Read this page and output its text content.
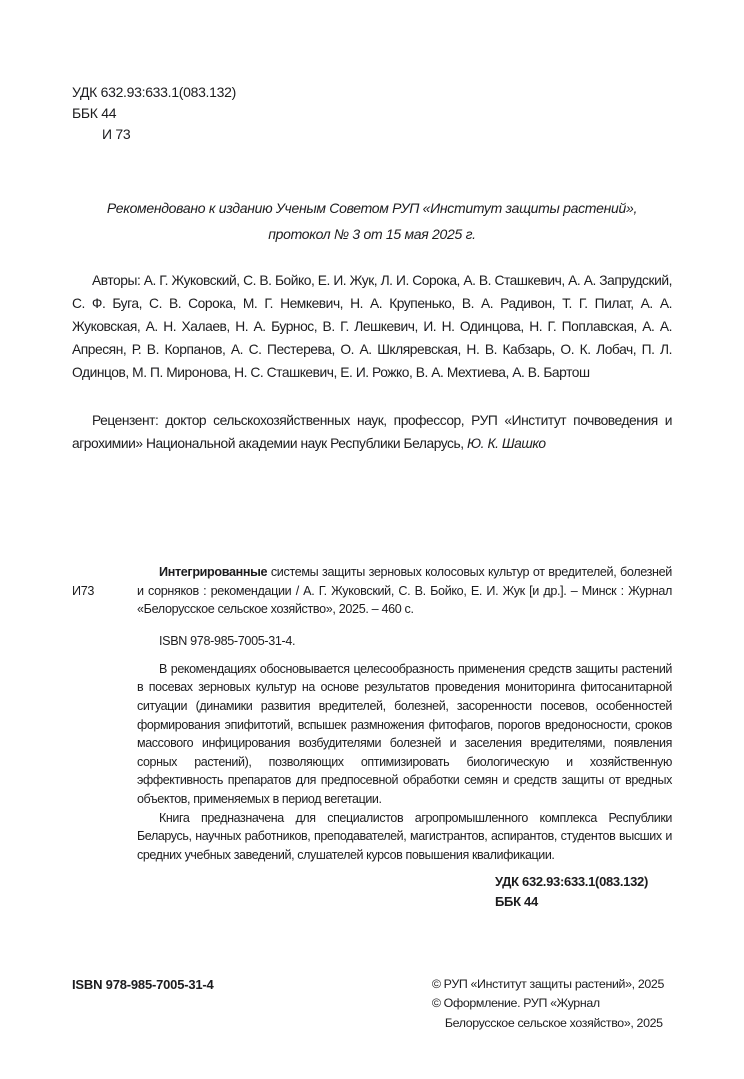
УДК 632.93:633.1(083.132)
ББК 44
И 73
Рекомендовано к изданию Ученым Советом РУП «Институт защиты растений»,
протокол № 3 от 15 мая 2025 г.

Авторы: А. Г. Жуковский, С. В. Бойко, Е. И. Жук, Л. И. Сорока, А. В. Сташкевич, А. А. Запрудский, С. Ф. Буга, С. В. Сорока, М. Г. Немкевич, Н. А. Крупенько, В. А. Радивон, Т. Г. Пилат, А. А. Жуковская, А. Н. Халаев, Н. А. Бурнос, В. Г. Лешкевич, И. Н. Одинцова, Н. Г. Поплавская, А. А. Апресян, Р. В. Корпанов, А. С. Пестерева, О. А. Шкляревская, Н. В. Кабзарь, О. К. Лобач, П. Л. Одинцов, М. П. Миронова, Н. С. Сташкевич, Е. И. Рожко, В. А. Мехтиева, А. В. Бартош

Рецензент: доктор сельскохозяйственных наук, профессор, РУП «Институт почвоведения и агрохимии» Национальной академии наук Республики Беларусь, Ю. К. Шашко

И73

Интегрированные системы защиты зерновых колосовых культур от вредителей, болезней и сорняков : рекомендации / А. Г. Жуковский, С. В. Бойко, Е. И. Жук [и др.]. – Минск : Журнал «Белорусское сельское хозяйство», 2025. – 460 с.

ISBN 978-985-7005-31-4.

В рекомендациях обосновывается целесообразность применения средств защиты растений в посевах зерновых культур на основе результатов проведения мониторинга фитосанитарной ситуации (динамики развития вредителей, болезней, засоренности посевов, особенностей формирования эпифитотий, вспышек размножения фитофагов, порогов вредоносности, сроков массового инфицирования возбудителями болезней и заселения вредителями, появления сорных растений), позволяющих оптимизировать биологическую и хозяйственную эффективность препаратов для предпосевной обработки семян и средств защиты от вредных объектов, применяемых в период вегетации.

Книга предназначена для специалистов агропромышленного комплекса Республики Беларусь, научных работников, преподавателей, магистрантов, аспирантов, студентов высших и средних учебных заведений, слушателей курсов повышения квалификации.

УДК 632.93:633.1(083.132)
ББК 44
ISBN 978-985-7005-31-4	© РУП «Институт защиты растений», 2025
© Оформление. РУП «Журнал
Белорусское сельское хозяйство», 2025
